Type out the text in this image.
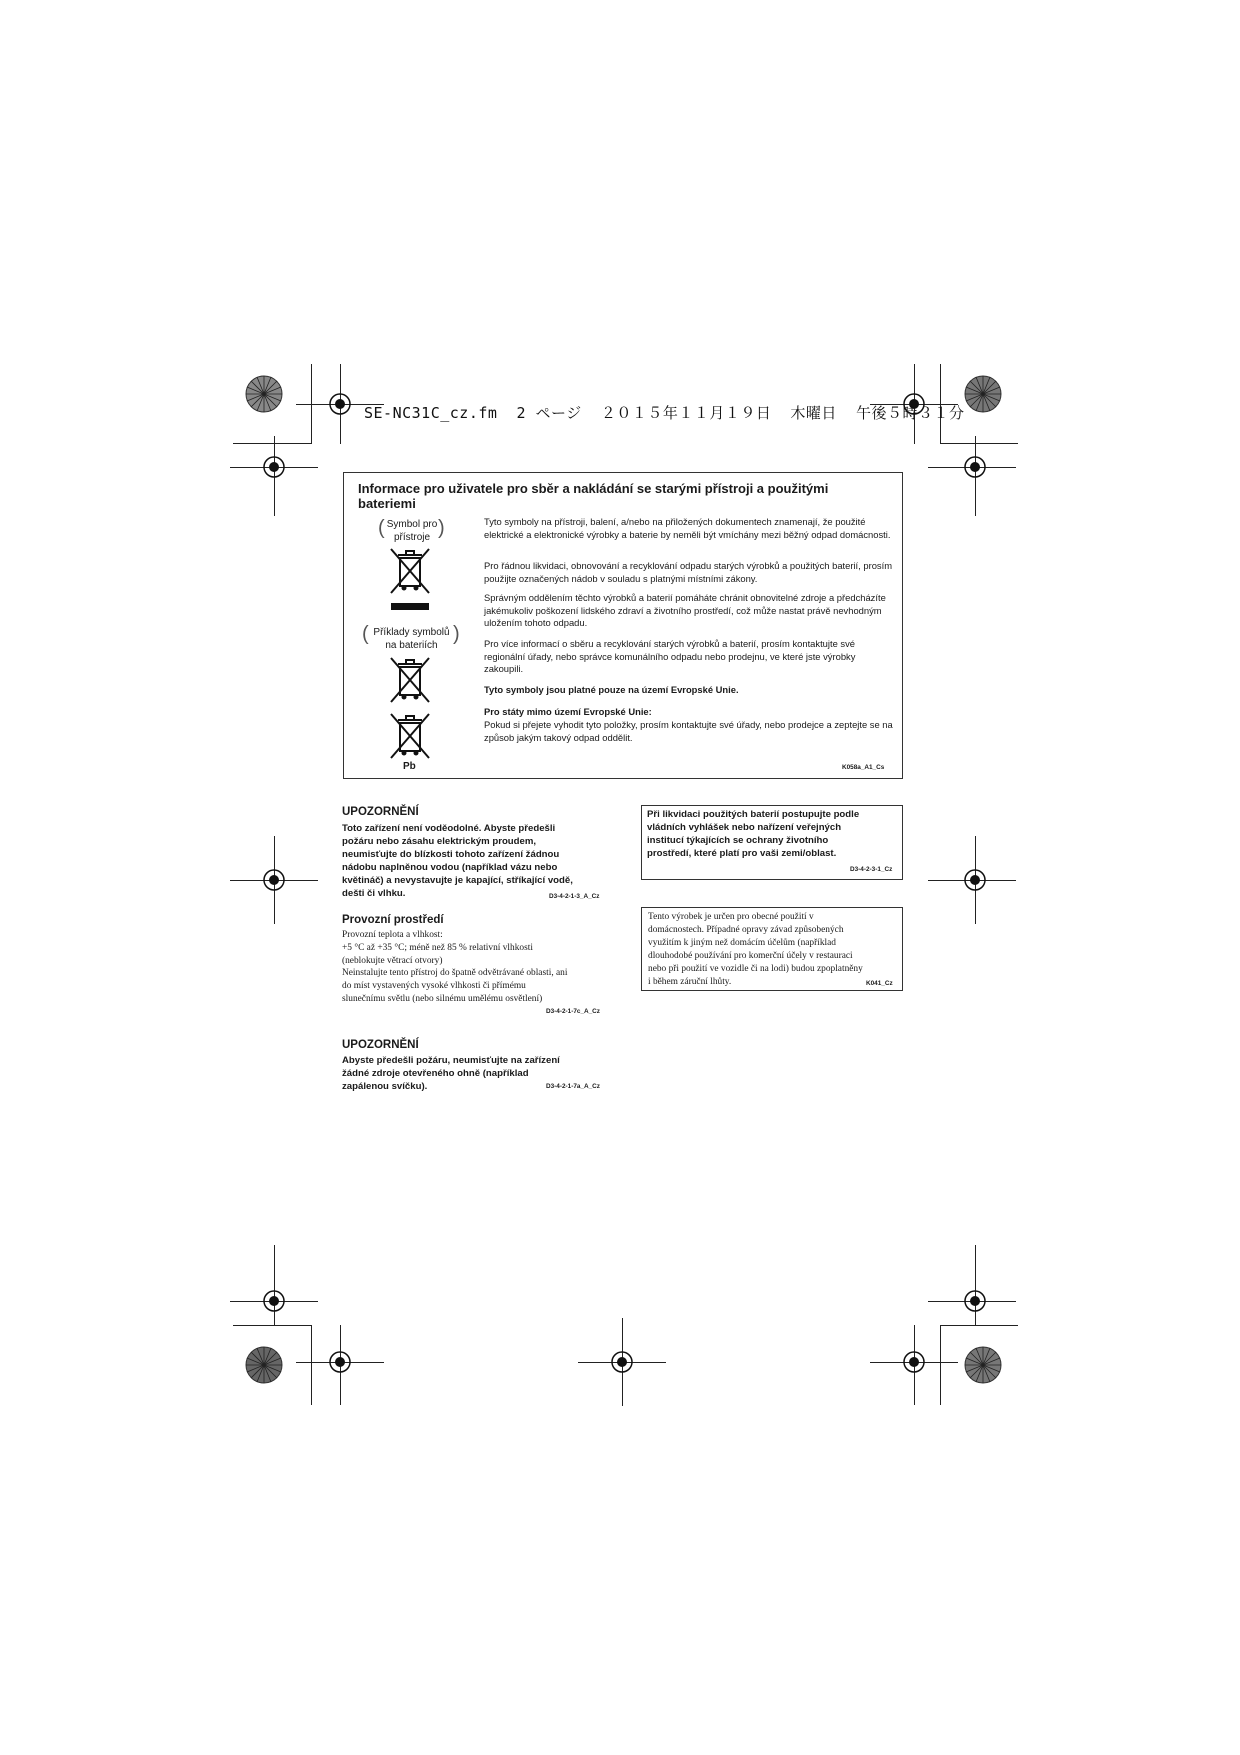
SE-NC31C_cz.fm  2 ページ  ２０１５年１１月１９日  木曜日  午後５時３１分
Informace pro uživatele pro sběr a nakládání se starými přístroji a použitými bateriemi
(	)
Symbol pro
přístroje
(	)
Příklady symbolů
na bateriích
Pb
Tyto symboly na přístroji, balení, a/nebo na přiložených dokumentech znamenají, že použité elektrické a elektronické výrobky a baterie by neměli být vmíchány mezi běžný odpad domácnosti.
Pro řádnou likvidaci, obnovování a recyklování odpadu starých výrobků a použitých baterií, prosím použijte označených nádob v souladu s platnými místními zákony.
Správným oddělením těchto výrobků a baterií pomáháte chránit obnovitelné zdroje a předcházíte jakémukoliv poškození lidského zdraví a životního prostředí, což může nastat právě nevhodným uložením tohoto odpadu.
Pro více informací o sběru a recyklování starých výrobků a baterií, prosím kontaktujte své regionální úřady, nebo správce komunálního odpadu nebo prodejnu, ve které jste výrobky zakoupili.
Tyto symboly jsou platné pouze na území Evropské Unie.
Pro státy mimo území Evropské Unie:
Pokud si přejete vyhodit tyto položky, prosím kontaktujte své úřady, nebo prodejce a zeptejte se na způsob jakým takový odpad oddělit.
K058a_A1_Cs
UPOZORNĚNÍ
Toto zařízení není voděodolné. Abyste předešli
požáru nebo zásahu elektrickým proudem,
neumisťujte do blízkosti tohoto zařízení žádnou
nádobu naplněnou vodou (například vázu nebo
květináč) a nevystavujte je kapající, stříkající vodě,
dešti či vlhku.	D3-4-2-1-3_A_Cz
Provozní prostředí
Provozní teplota a vlhkost:
+5 °C až +35 °C; méně než 85 % relativní vlhkosti
(neblokujte větrací otvory)
Neinstalujte tento přístroj do špatně odvětrávané oblasti, ani
do míst vystavených vysoké vlhkosti či přímému
slunečnímu světlu (nebo silnému umělému osvětlení)
D3-4-2-1-7c_A_Cz
UPOZORNĚNÍ
Abyste předešli požáru, neumisťujte na zařízení
žádné zdroje otevřeného ohně (například
zapálenou svíčku).	D3-4-2-1-7a_A_Cz
Při likvidaci použitých baterií postupujte podle
vládních vyhlášek nebo nařízení veřejných
institucí týkajících se ochrany životního
prostředí, které platí pro vaši zemi/oblast.
D3-4-2-3-1_Cz
Tento výrobek je určen pro obecné použití v
domácnostech. Případné opravy závad způsobených
využitím k jiným než domácím účelům (například
dlouhodobé používání pro komerční účely v restauraci
nebo při použití ve vozidle či na lodi) budou zpoplatněny
i během záruční lhůty.	K041_Cz
